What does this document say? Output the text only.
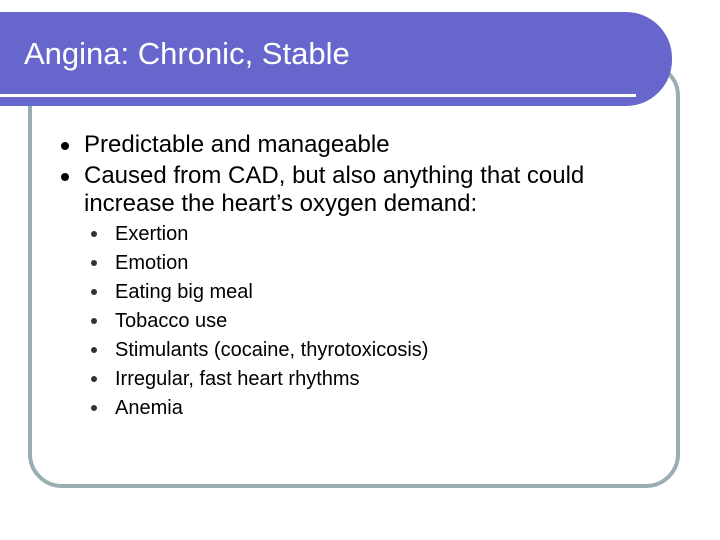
Angina: Chronic, Stable

Predictable and manageable

Caused from CAD, but also anything that could

increase the heart’s oxygen demand:

Exertion

Emotion

Eating big meal

Tobacco use

Stimulants (cocaine, thyrotoxicosis)

Irregular, fast heart rhythms

Anemia
